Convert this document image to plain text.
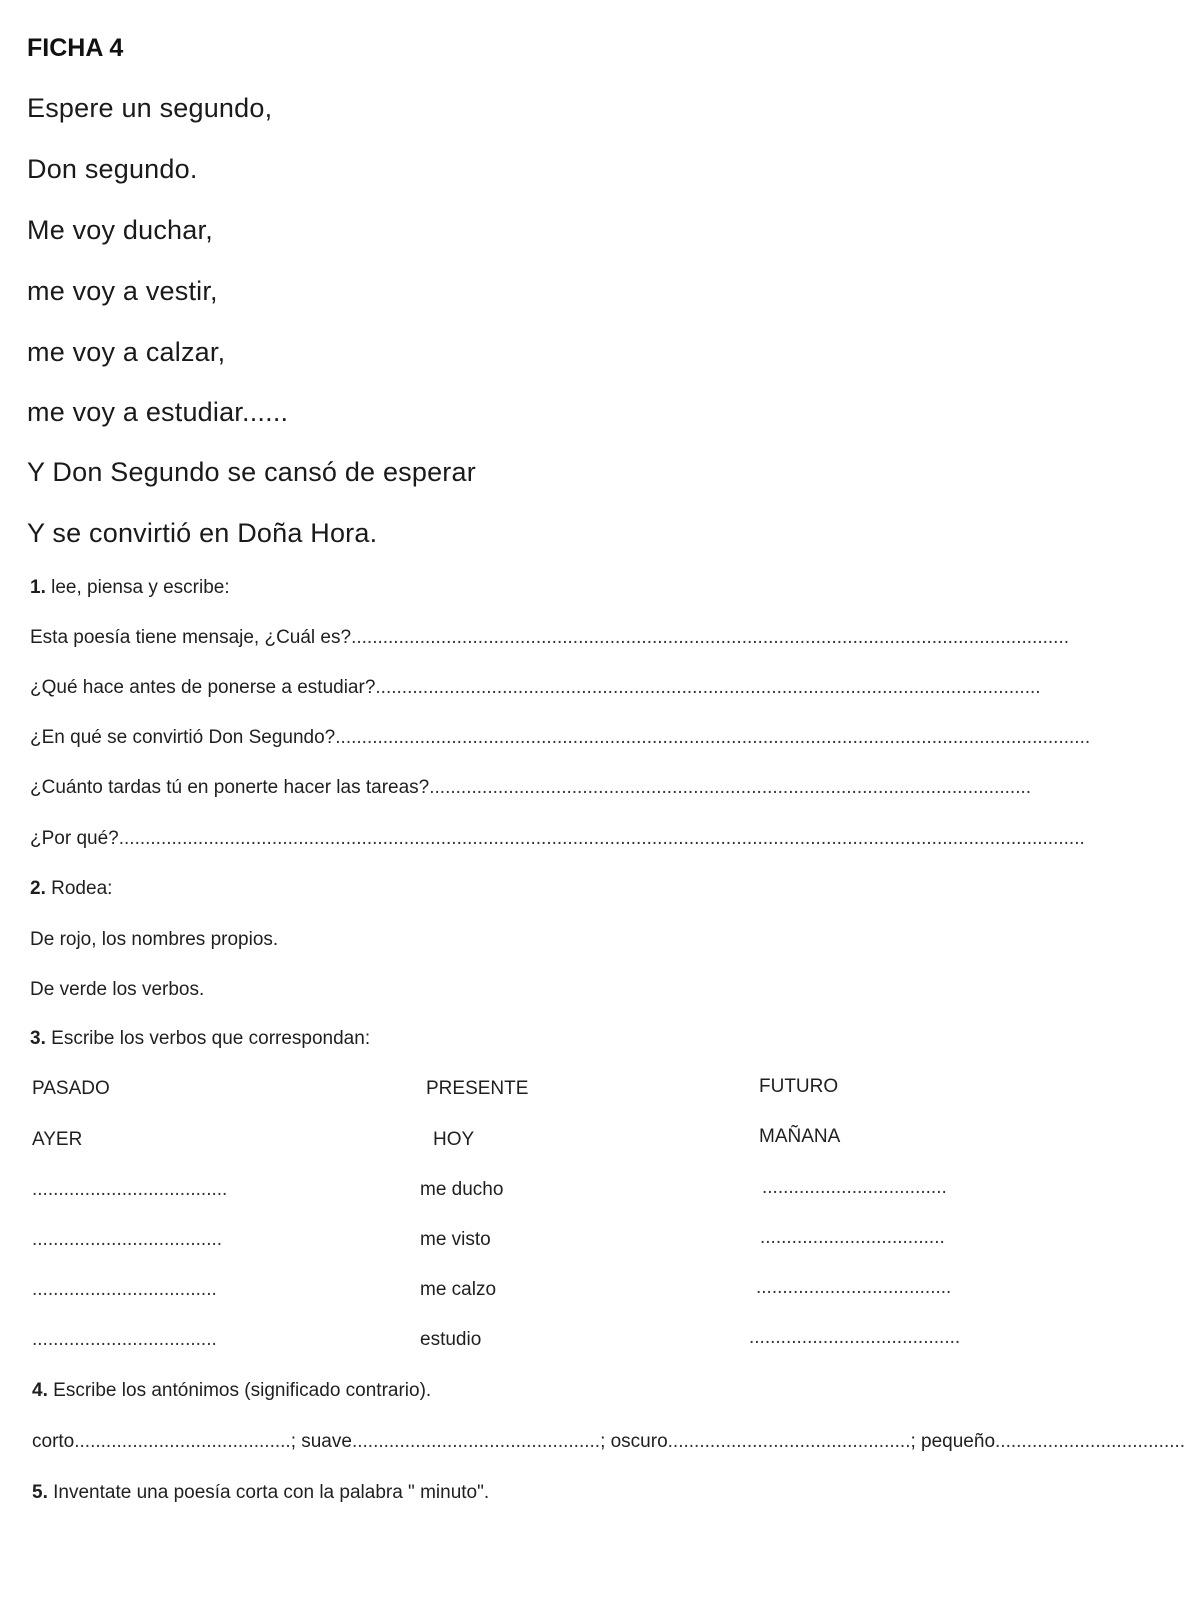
FICHA 4
Espere un segundo,
Don segundo.
Me voy duchar,
me voy a vestir,
me voy a calzar,
me voy a estudiar......
Y Don Segundo se cansó de esperar
Y se convirtió en Doña Hora.
1. lee, piensa y escribe:
Esta poesía tiene mensaje, ¿Cuál es?........................................................................................................................................
¿Qué hace antes de ponerse a estudiar?..............................................................................................................................
¿En qué se convirtió Don Segundo?...............................................................................................................................................
¿Cuánto tardas tú en ponerte hacer las tareas?..................................................................................................................
¿Por qué?.......................................................................................................................................................................................
2. Rodea:
De rojo, los nombres propios.
De verde los verbos.
3. Escribe los verbos que correspondan:
PASADO	PRESENTE	FUTURO
AYER	HOY	MAÑANA
.....................................	me ducho	...................................
....................................	me visto	...................................
...................................	me calzo	.....................................
...................................	estudio	........................................
4. Escribe los antónimos (significado contrario).
corto.........................................; suave...............................................; oscuro..............................................; pequeño....................................
5. Inventate una poesía corta con la palabra " minuto".
